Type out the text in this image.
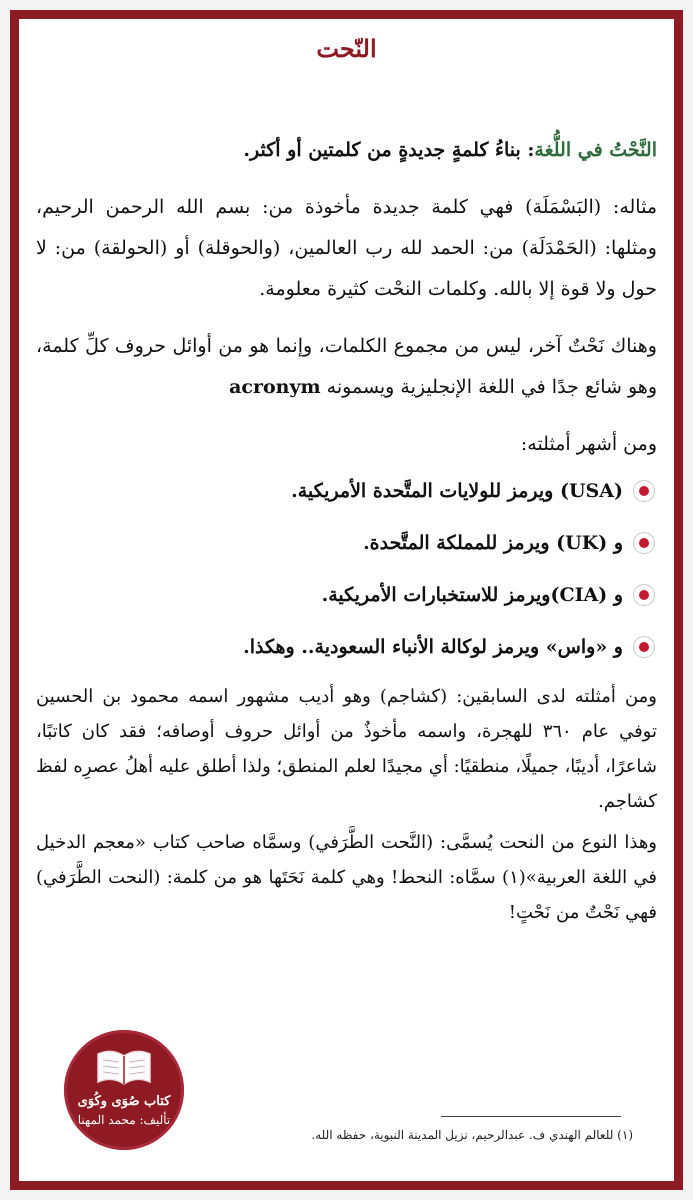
النّحت

النَّحْتُ في اللُّغة: بناءُ كلمةٍ جديدةٍ من كلمتين أو أكثر.

مثاله: (البَسْمَلَة) فهي كلمة جديدة مأخوذة من: بسم الله الرحمن الرحيم، ومثلها: (الحَمْدَلَة) من: الحمد لله رب العالمين، (والحوقلة) أو (الحولقة) من: لا حول ولا قوة إلا بالله. وكلمات النحْت كثيرة معلومة.

وهناك نَحْتٌ آخر، ليس من مجموع الكلمات، وإنما هو من أوائل حروف كلِّ كلمة، وهو شائع جدًا في اللغة الإنجليزية ويسمونه acronym

ومن أشهر أمثلته:

(USA) ويرمز للولايات المتَّحدة الأمريكية.
و (UK) ويرمز للمملكة المتَّحدة.
و (CIA)ويرمز للاستخبارات الأمريكية.
و «واس» ويرمز لوكالة الأنباء السعودية.. وهكذا.

ومن أمثلته لدى السابقين: (كشاجم) وهو أديب مشهور اسمه محمود بن الحسين توفي عام ٣٦٠ للهجرة، واسمه مأخوذٌ من أوائل حروف أوصافه؛ فقد كان كاتبًا، شاعرًا، أديبًا، جميلًا، منطقيًا: أي مجيدًا لعلم المنطق؛ ولذا أطلق عليه أهلُ عصرِه لفظ كشاجم.

وهذا النوع من النحت يُسمَّى: (النَّحت الطَّرَفي) وسمَّاه صاحب كتاب «معجم الدخيل في اللغة العربية»(١) سمَّاه: النحط! وهي كلمة نَحَتَها هو من كلمة: (النحت الطَّرَفي) فهي نَحْتٌ من نَحْتٍ!

كتاب صُوَى وكُوَى
تأليف: محمد المهنا
(١) للعالم الهندي ف. عبدالرحيم، نزيل المدينة النبوية، حفظه الله.
